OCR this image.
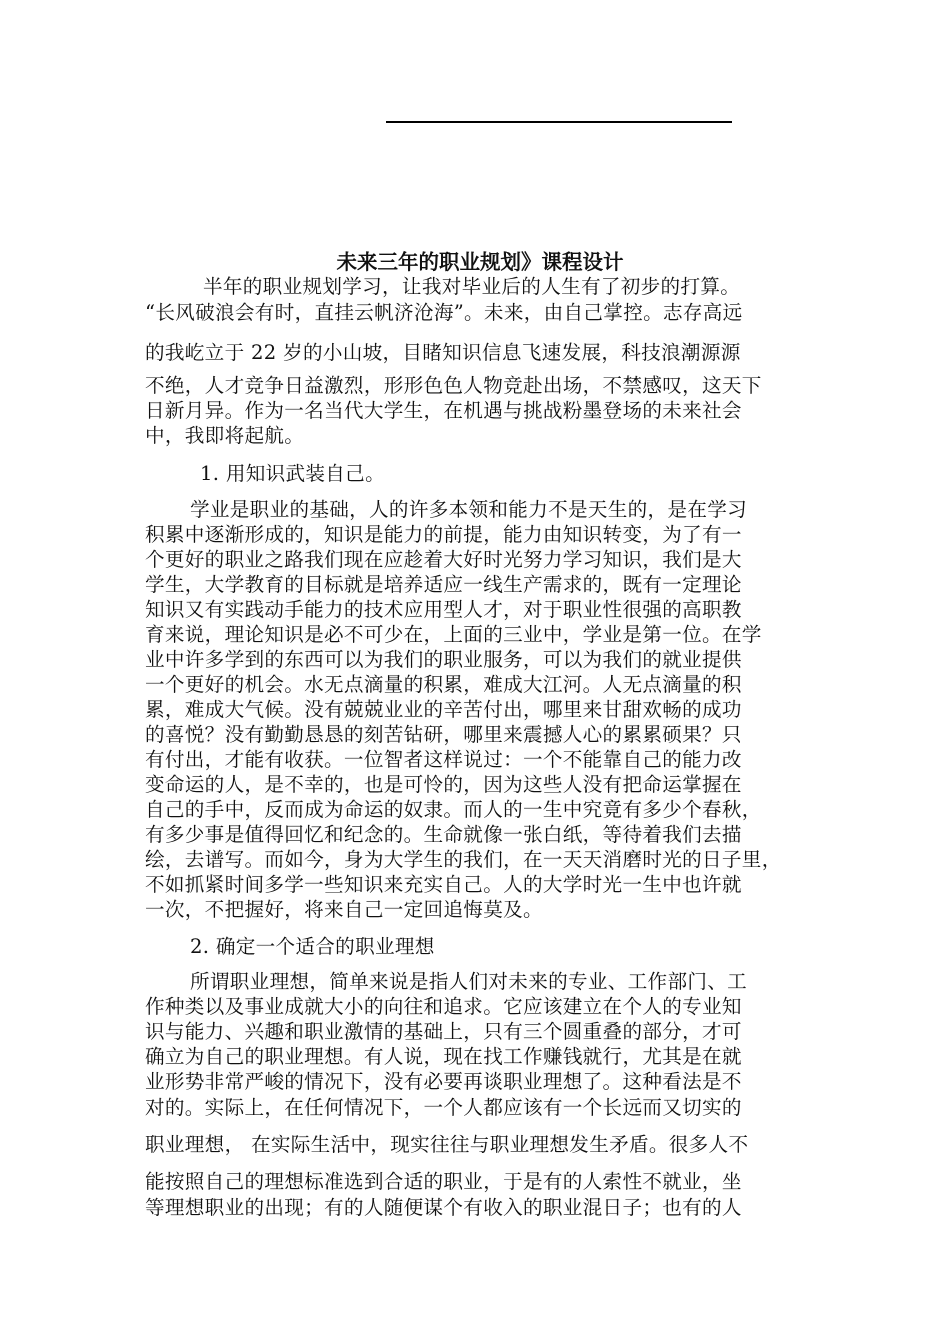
未来三年的职业规划》课程设计
半年的职业规划学习，让我对毕业后的人生有了初步的打算。
“长风破浪会有时，直挂云帆济沧海”。未来，由自己掌控。志存高远
的我屹立于 22 岁的小山坡，目睹知识信息飞速发展，科技浪潮源源
不绝，人才竞争日益激烈，形形色色人物竞赴出场，不禁感叹，这天下
日新月异。作为一名当代大学生，在机遇与挑战粉墨登场的未来社会
中，我即将起航。
1. 用知识武装自己。
学业是职业的基础，人的许多本领和能力不是天生的，是在学习
积累中逐渐形成的，知识是能力的前提，能力由知识转变，为了有一
个更好的职业之路我们现在应趁着大好时光努力学习知识，我们是大
学生，大学教育的目标就是培养适应一线生产需求的，既有一定理论
知识又有实践动手能力的技术应用型人才，对于职业性很强的高职教
育来说，理论知识是必不可少在，上面的三业中，学业是第一位。在学
业中许多学到的东西可以为我们的职业服务，可以为我们的就业提供
一个更好的机会。水无点滴量的积累，难成大江河。人无点滴量的积
累，难成大气候。没有兢兢业业的辛苦付出，哪里来甘甜欢畅的成功
的喜悦？没有勤勤恳恳的刻苦钻研，哪里来震撼人心的累累硕果？只
有付出，才能有收获。一位智者这样说过：一个不能靠自己的能力改
变命运的人，是不幸的，也是可怜的，因为这些人没有把命运掌握在
自己的手中，反而成为命运的奴隶。而人的一生中究竟有多少个春秋，
有多少事是值得回忆和纪念的。生命就像一张白纸，等待着我们去描
绘，去谱写。而如今，身为大学生的我们，在一天天消磨时光的日子里，
不如抓紧时间多学一些知识来充实自己。人的大学时光一生中也许就
一次，不把握好，将来自己一定回追悔莫及。
2. 确定一个适合的职业理想
所谓职业理想，简单来说是指人们对未来的专业、工作部门、工
作种类以及事业成就大小的向往和追求。它应该建立在个人的专业知
识与能力、兴趣和职业激情的基础上，只有三个圆重叠的部分，才可
确立为自己的职业理想。有人说，现在找工作赚钱就行，尤其是在就
业形势非常严峻的情况下，没有必要再谈职业理想了。这种看法是不
对的。实际上，在任何情况下，一个人都应该有一个长远而又切实的
职业理想， 在实际生活中，现实往往与职业理想发生矛盾。很多人不
能按照自己的理想标准选到合适的职业，于是有的人索性不就业，坐
等理想职业的出现；有的人随便谋个有收入的职业混日子；也有的人
